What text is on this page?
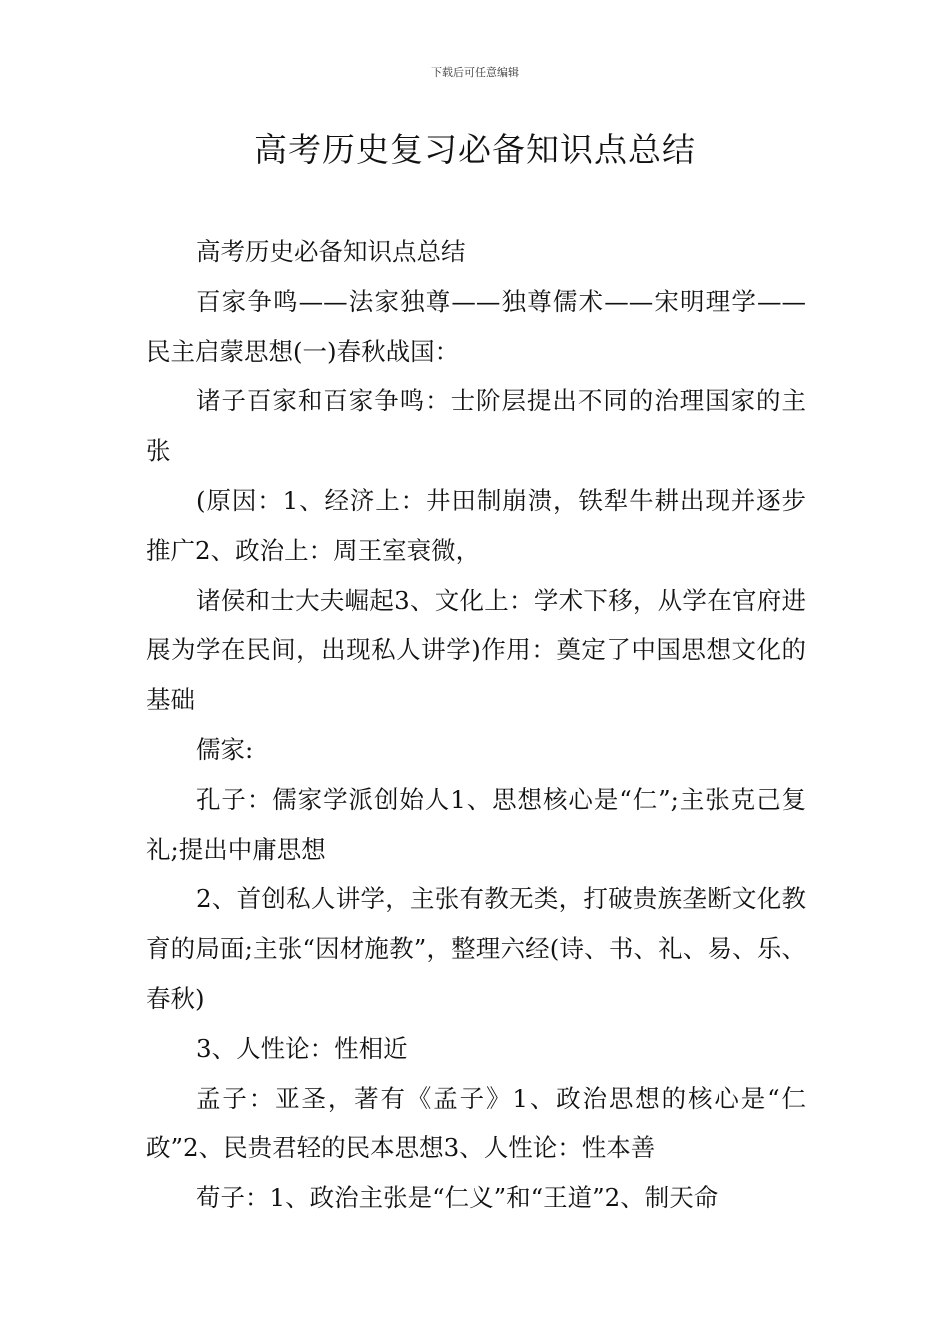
下载后可任意编辑
高考历史复习必备知识点总结

高考历史必备知识点总结

百家争鸣——法家独尊——独尊儒术——宋明理学——民主启蒙思想(一)春秋战国：

诸子百家和百家争鸣：士阶层提出不同的治理国家的主张

(原因：1、经济上：井田制崩溃，铁犁牛耕出现并逐步推广2、政治上：周王室衰微，

诸侯和士大夫崛起3、文化上：学术下移，从学在官府进展为学在民间，出现私人讲学)作用：奠定了中国思想文化的基础

儒家:

孔子：儒家学派创始人1、思想核心是“仁”;主张克己复礼;提出中庸思想

2、首创私人讲学，主张有教无类，打破贵族垄断文化教育的局面;主张“因材施教”，整理六经(诗、书、礼、易、乐、春秋)

3、人性论：性相近

孟子：亚圣，著有《孟子》1、政治思想的核心是“仁政”2、民贵君轻的民本思想3、人性论：性本善

荀子：1、政治主张是“仁义”和“王道”2、制天命
